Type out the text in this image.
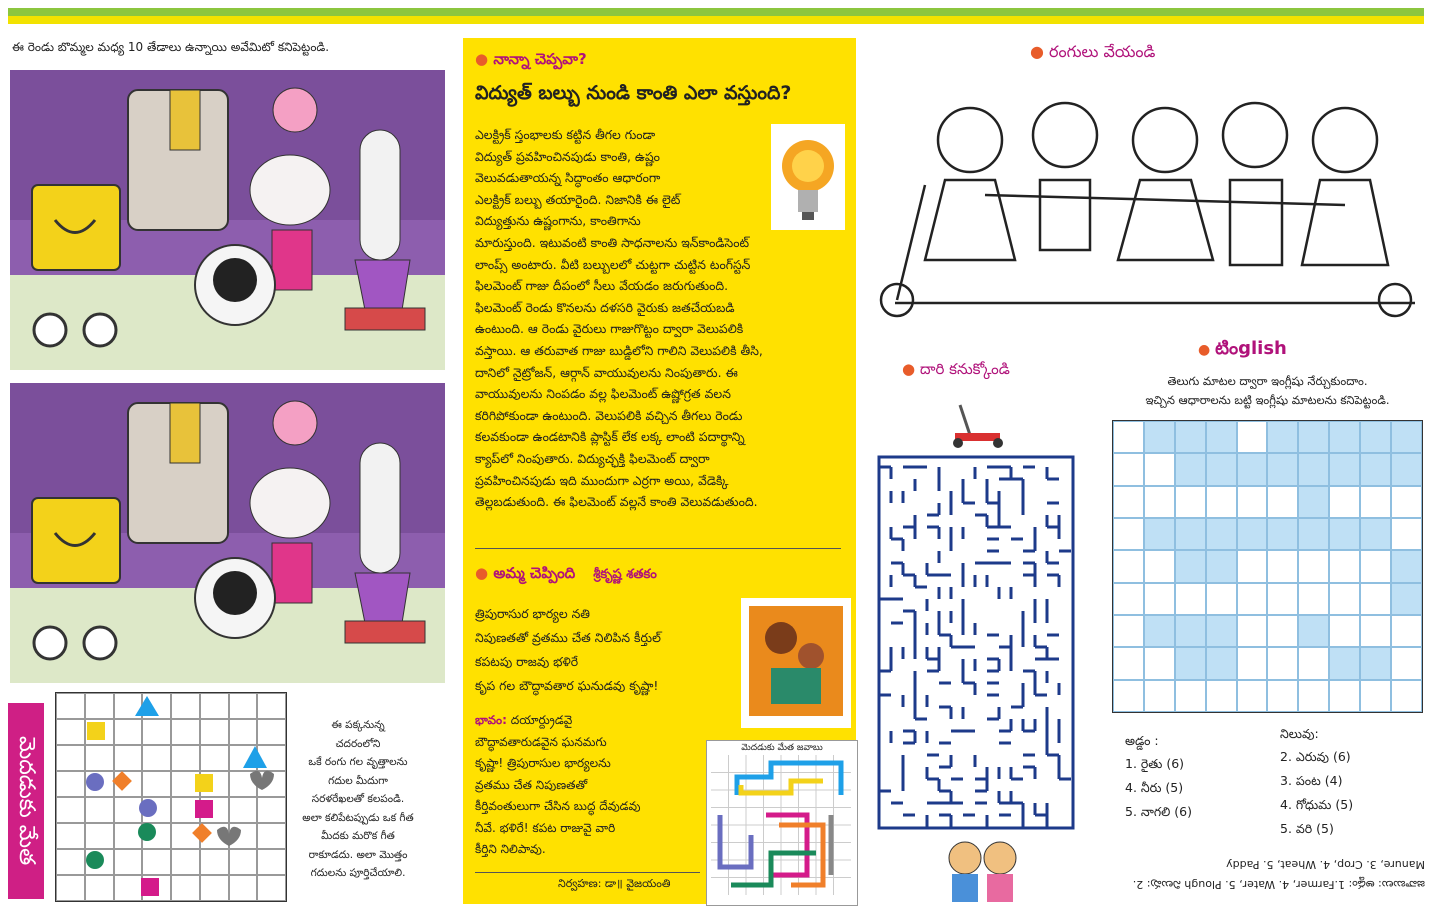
ఈ రెండు బొమ్మల మధ్య 10 తేడాలు ఉన్నాయి అవేమిటో కనిపెట్టండి.
మెదడుకు మేత
ఈ పక్కనున్న
చదరంలోని
ఒకే రంగు గల వృత్తాలను
గదుల మీదుగా
సరళరేఖలతో కలపండి.
అలా కలిపేటప్పుడు ఒక గీత
మీదకు మరొక గీత
రాకూడదు. అలా మొత్తం
గదులను పూర్తిచేయాలి.
● నాన్నా చెప్పవా?
విద్యుత్ బల్బు నుండి కాంతి ఎలా వస్తుంది?
ఎలక్ట్రిక్ స్తంభాలకు కట్టిన తీగల గుండా
విద్యుత్ ప్రవహించినపుడు కాంతి, ఉష్ణం
వెలువడుతాయన్న సిద్ధాంతం ఆధారంగా
ఎలక్ట్రిక్ బల్బు తయారైంది. నిజానికి ఈ లైట్
విద్యుత్తును ఉష్ణంగాను, కాంతిగాను
మారుస్తుంది. ఇటువంటి కాంతి సాధనాలను ఇన్‌కాండిసెంట్
లాంప్స్ అంటారు. వీటి బల్బులలో చుట్టగా చుట్టిన టంగ్‌స్టన్
ఫిలమెంట్ గాజు దీపంలో సీలు వేయడం జరుగుతుంది.
ఫిలమెంట్ రెండు కొనలను దళసరి వైరుకు జతచేయబడి
ఉంటుంది. ఆ రెండు వైరులు గాజుగొట్టం ద్వారా వెలుపలికి
వస్తాయి. ఆ తరువాత గాజు బుడ్డిలోని గాలిని వెలుపలికి తీసి,
దానిలో నైట్రోజన్, ఆర్గాన్ వాయువులను నింపుతారు. ఈ
వాయువులను నింపడం వల్ల ఫిలమెంట్ ఉష్ణోగ్రత వలన
కరిగిపోకుండా ఉంటుంది. వెలుపలికి వచ్చిన తీగలు రెండు
కలవకుండా ఉండటానికి ప్లాస్టిక్ లేక లక్క లాంటి పదార్థాన్ని
క్యాప్‌లో నింపుతారు. విద్యుచ్ఛక్తి ఫిలమెంట్ ద్వారా
ప్రవహించినపుడు ఇది ముందుగా ఎర్రగా అయి, వేడెక్కి
తెల్లబడుతుంది. ఈ ఫిలమెంట్ వల్లనే కాంతి వెలువడుతుంది.
● అమ్మ చెప్పింది శ్రీకృష్ణ శతకం
త్రిపురాసుర భార్యల నతి
నిపుణతతో వ్రతము చేత నిలిపిన కీర్తుల్
కపటపు రాజవు భళిరే
కృప గల బౌద్ధావతార ఘనుడవు కృష్ణా!
భావం: దయార్ద్రుడవై
బౌద్ధావతారుడవైన ఘనమగు
కృష్ణా! త్రిపురాసుల భార్యలను
వ్రతము చేత నిపుణతతో
కీర్తివంతులుగా చేసిన బుద్ధ దేవుడవు
నీవే. భళిరే! కపట రాజువై వారి
కీర్తిని నిలిపావు.
నిర్వహణ: డా॥ వైజయంతి
మెదడుకు మేత జవాబు
● రంగులు వేయండి
● దారి కనుక్కోండి
● టింglish
తెలుగు మాటల ద్వారా ఇంగ్లీషు నేర్చుకుందాం.
ఇచ్చిన ఆధారాలను బట్టి ఇంగ్లీషు మాటలను కనిపెట్టండి.
అడ్డం :
1. రైతు (6)
4. నీరు (5)
5. నాగలి (6)
నిలువు:
2. ఎరువు (6)
3. పంట (4)
4. గోధుమ (5)
5. వరి (5)
జవాబులు: అడ్డం: 1.Farmer, 4. Water, 5. Plough నిలువు: 2. Manure, 3. Crop, 4. Wheat, 5. Paddy
